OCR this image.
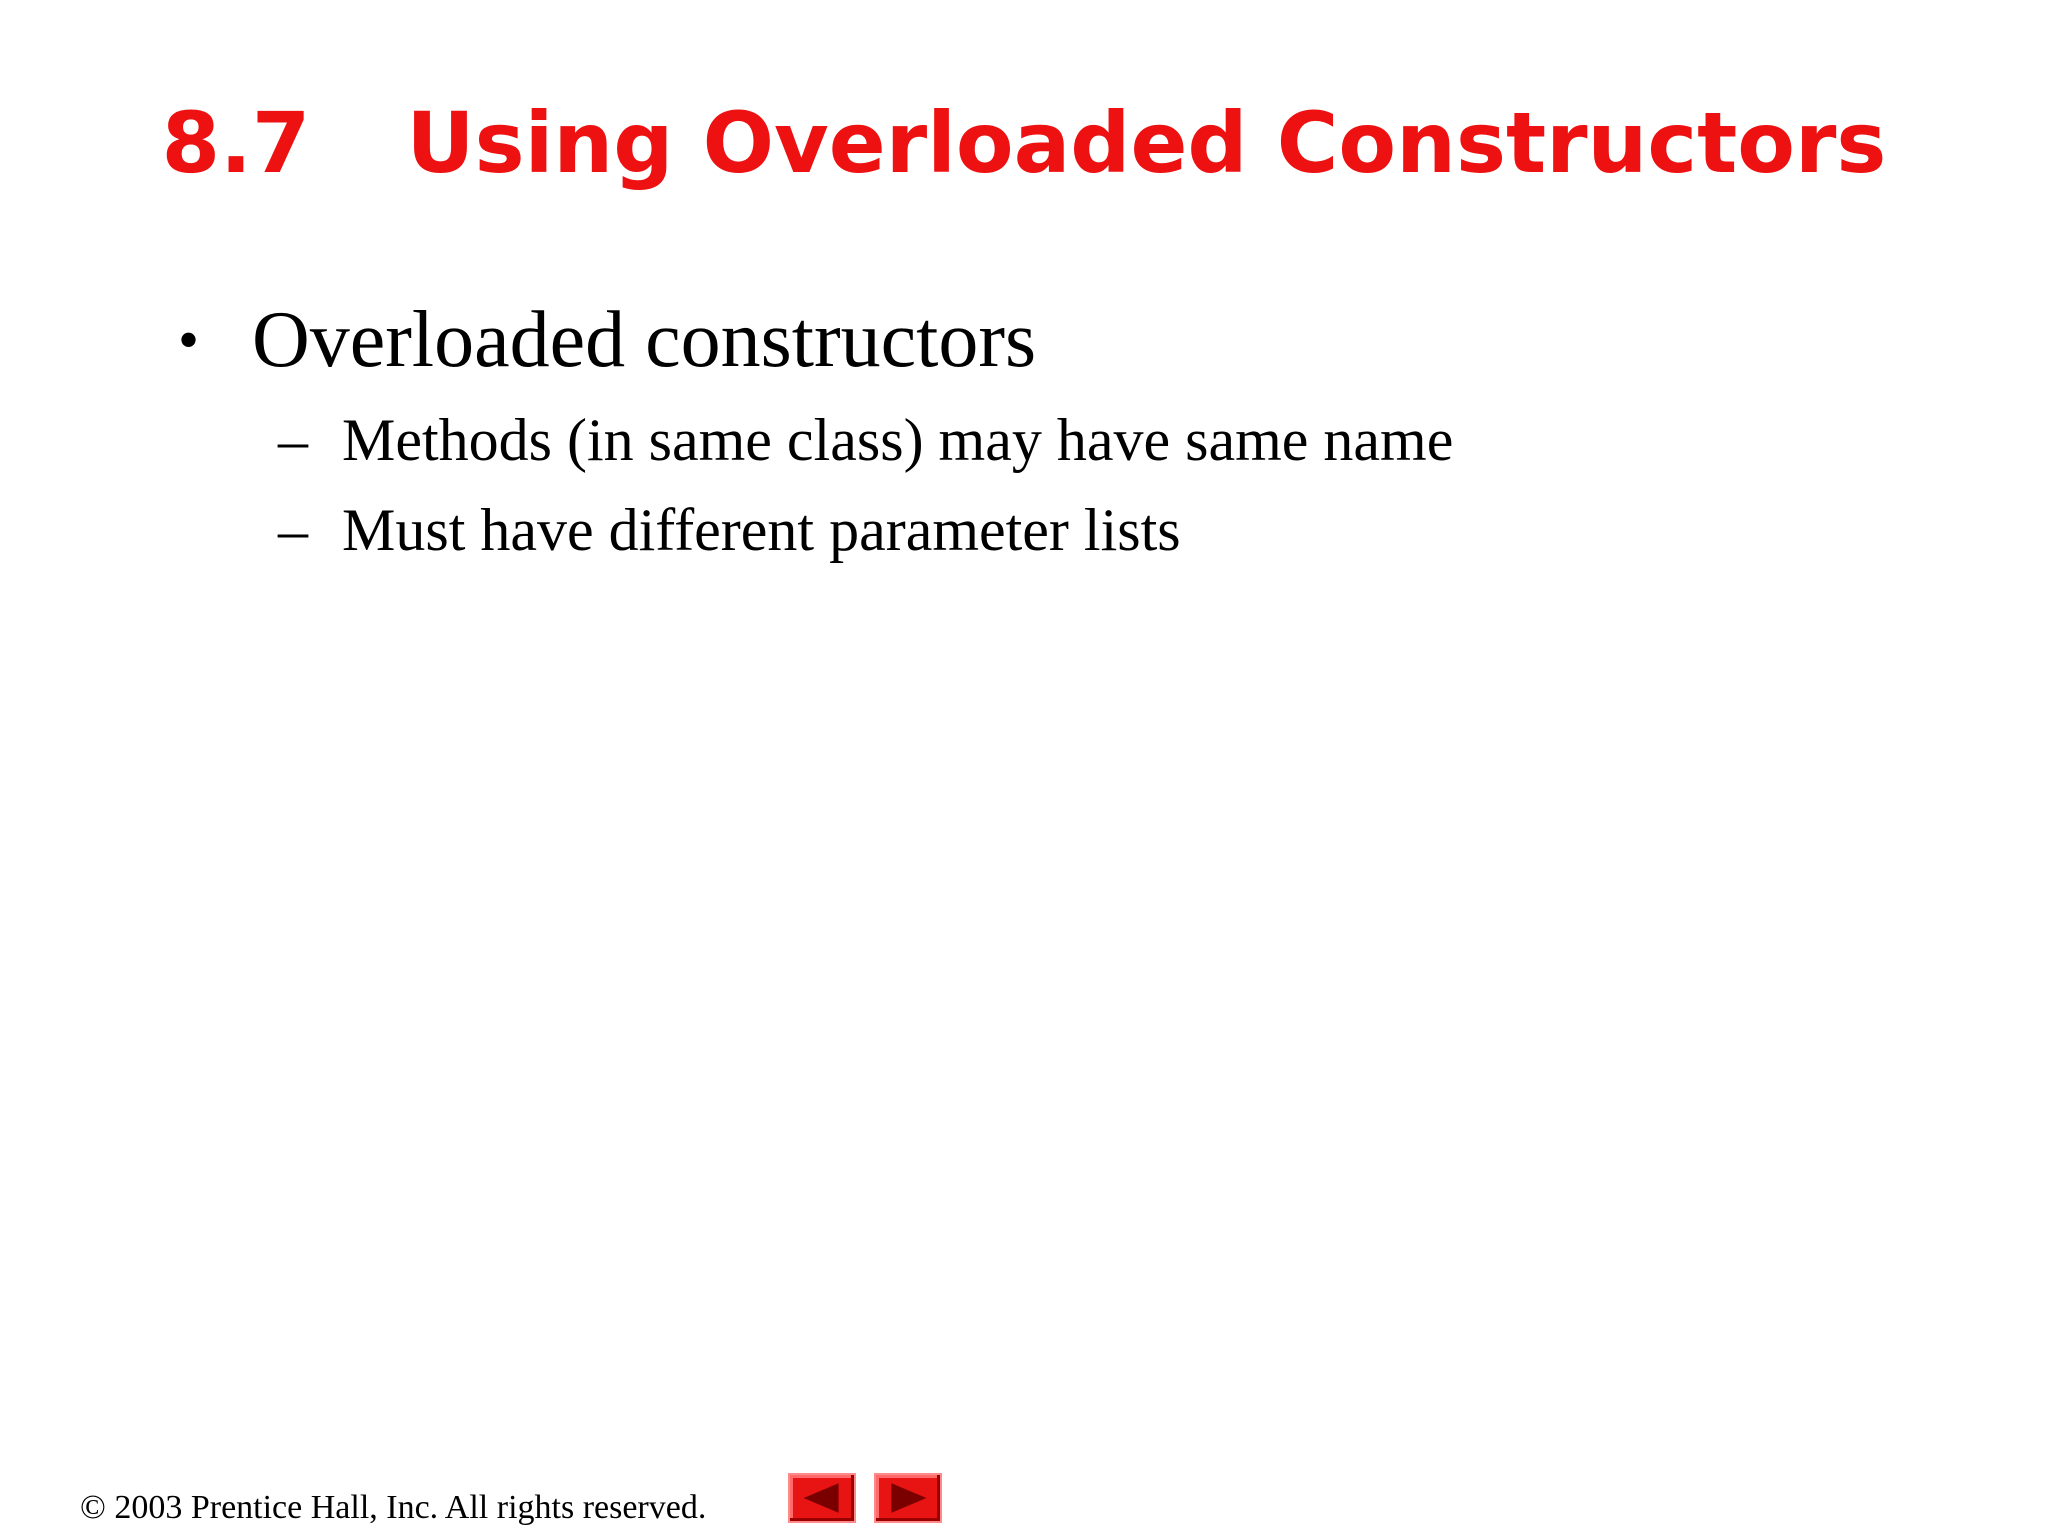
8.7 Using Overloaded Constructors
• Overloaded constructors
– Methods (in same class) may have same name
– Must have different parameter lists
© 2003 Prentice Hall, Inc. All rights reserved.
